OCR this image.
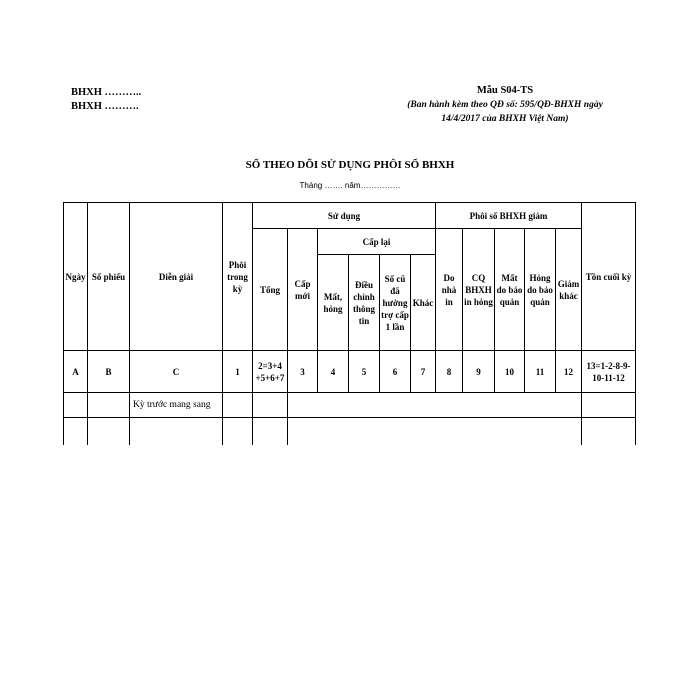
BHXH ………..
BHXH ……….
Mẫu S04-TS
(Ban hành kèm theo QĐ số: 595/QĐ-BHXH ngày
14/4/2017 của BHXH Việt Nam)
SỔ THEO DÕI SỬ DỤNG PHÔI SỔ BHXH
Tháng ……. năm……………
Ngày	Số phiếu	Diễn giải	Phôi trong kỳ	Sử dụng						Phôi sổ BHXH giảm					Tồn cuối kỳ
				Tổng	Cấp mới	Cấp lại				Do nhà in	CQ BHXH in hỏng	Mất do bảo quản	Hỏng do bảo quản	Giảm khác	
						Mất, hỏng	Điều chỉnh thông tin	Số cũ đã hưởng trợ cấp 1 lần	Khác						
A	B	C	1	2=3+4 +5+6+7	3	4	5	6	7	8	9	10	11	12	13=1-2-8-9-10-11-12
		Kỳ trước mang sang													
